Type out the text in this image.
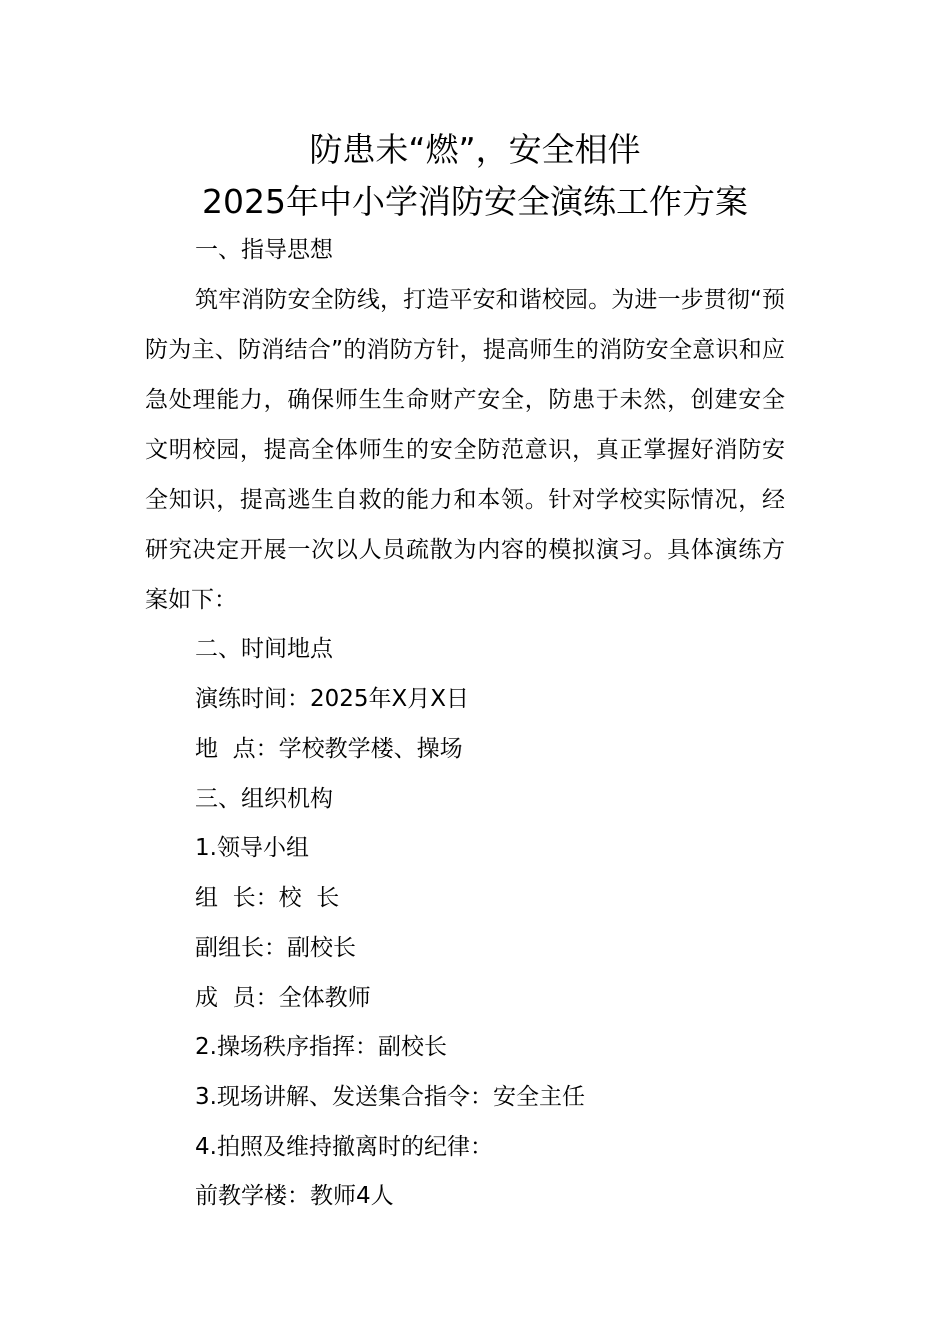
防患未“燃”，安全相伴
2025年中小学消防安全演练工作方案
一、指导思想
筑牢消防安全防线，打造平安和谐校园。为进一步贯彻“预防为主、防消结合”的消防方针，提高师生的消防安全意识和应急处理能力，确保师生生命财产安全，防患于未然，创建安全文明校园，提高全体师生的安全防范意识，真正掌握好消防安全知识，提高逃生自救的能力和本领。针对学校实际情况，经研究决定开展一次以人员疏散为内容的模拟演习。具体演练方案如下：
二、时间地点
演练时间：2025年X月X日
地  点：学校教学楼、操场
三、组织机构
1.领导小组
组  长：校  长
副组长：副校长
成  员：全体教师
2.操场秩序指挥：副校长
3.现场讲解、发送集合指令：安全主任
4.拍照及维持撤离时的纪律：
前教学楼：教师4人
